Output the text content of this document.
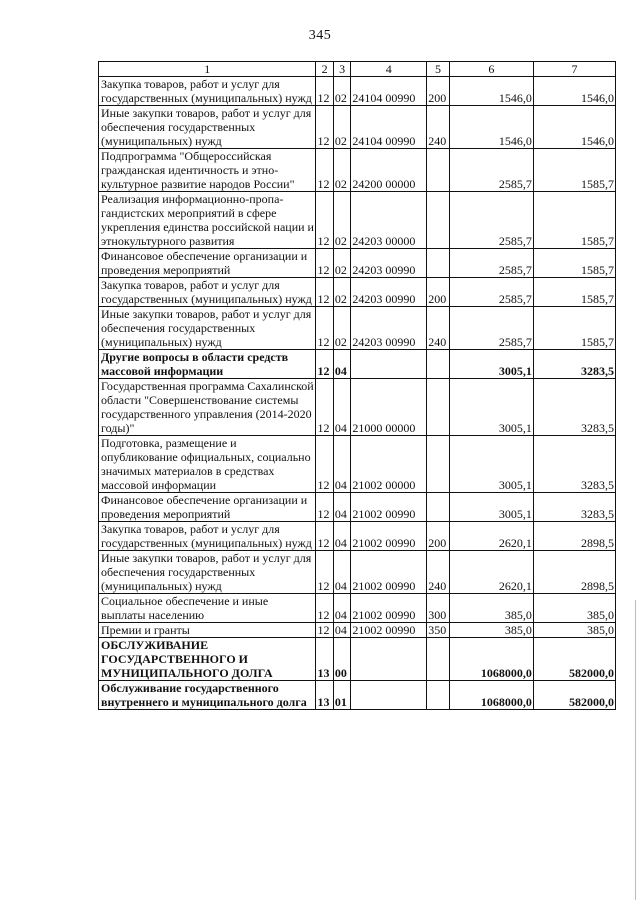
345
1	2	3	4	5	6	7
Закупка товаров, работ и услуг для государственных (муниципальных) нужд	12	02	24104 00990	200	1546,0	1546,0
Иные закупки товаров, работ и услуг для обеспечения государственных (муниципальных) нужд	12	02	24104 00990	240	1546,0	1546,0
Подпрограмма "Общероссийская гражданская идентичность и этно-культурное развитие народов России"	12	02	24200 00000		2585,7	1585,7
Реализация информационно-пропа-гандистских мероприятий в сфере укрепления единства российской нации и этнокультурного развития	12	02	24203 00000		2585,7	1585,7
Финансовое обеспечение организации и проведения мероприятий	12	02	24203 00990		2585,7	1585,7
Закупка товаров, работ и услуг для государственных (муниципальных) нужд	12	02	24203 00990	200	2585,7	1585,7
Иные закупки товаров, работ и услуг для обеспечения государственных (муниципальных) нужд	12	02	24203 00990	240	2585,7	1585,7
Другие вопросы в области средств массовой информации	12	04			3005,1	3283,5
Государственная программа Сахалинской области "Совершенствование системы государственного управления (2014-2020 годы)"	12	04	21000 00000		3005,1	3283,5
Подготовка, размещение и опубликование официальных, социально значимых материалов в средствах массовой информации	12	04	21002 00000		3005,1	3283,5
Финансовое обеспечение организации и проведения мероприятий	12	04	21002 00990		3005,1	3283,5
Закупка товаров, работ и услуг для государственных (муниципальных) нужд	12	04	21002 00990	200	2620,1	2898,5
Иные закупки товаров, работ и услуг для обеспечения государственных (муниципальных) нужд	12	04	21002 00990	240	2620,1	2898,5
Социальное обеспечение и иные выплаты населению	12	04	21002 00990	300	385,0	385,0
Премии и гранты	12	04	21002 00990	350	385,0	385,0
ОБСЛУЖИВАНИЕ ГОСУДАРСТВЕННОГО И МУНИЦИПАЛЬНОГО ДОЛГА	13	00			1068000,0	582000,0
Обслуживание государственного внутреннего и муниципального долга	13	01			1068000,0	582000,0
